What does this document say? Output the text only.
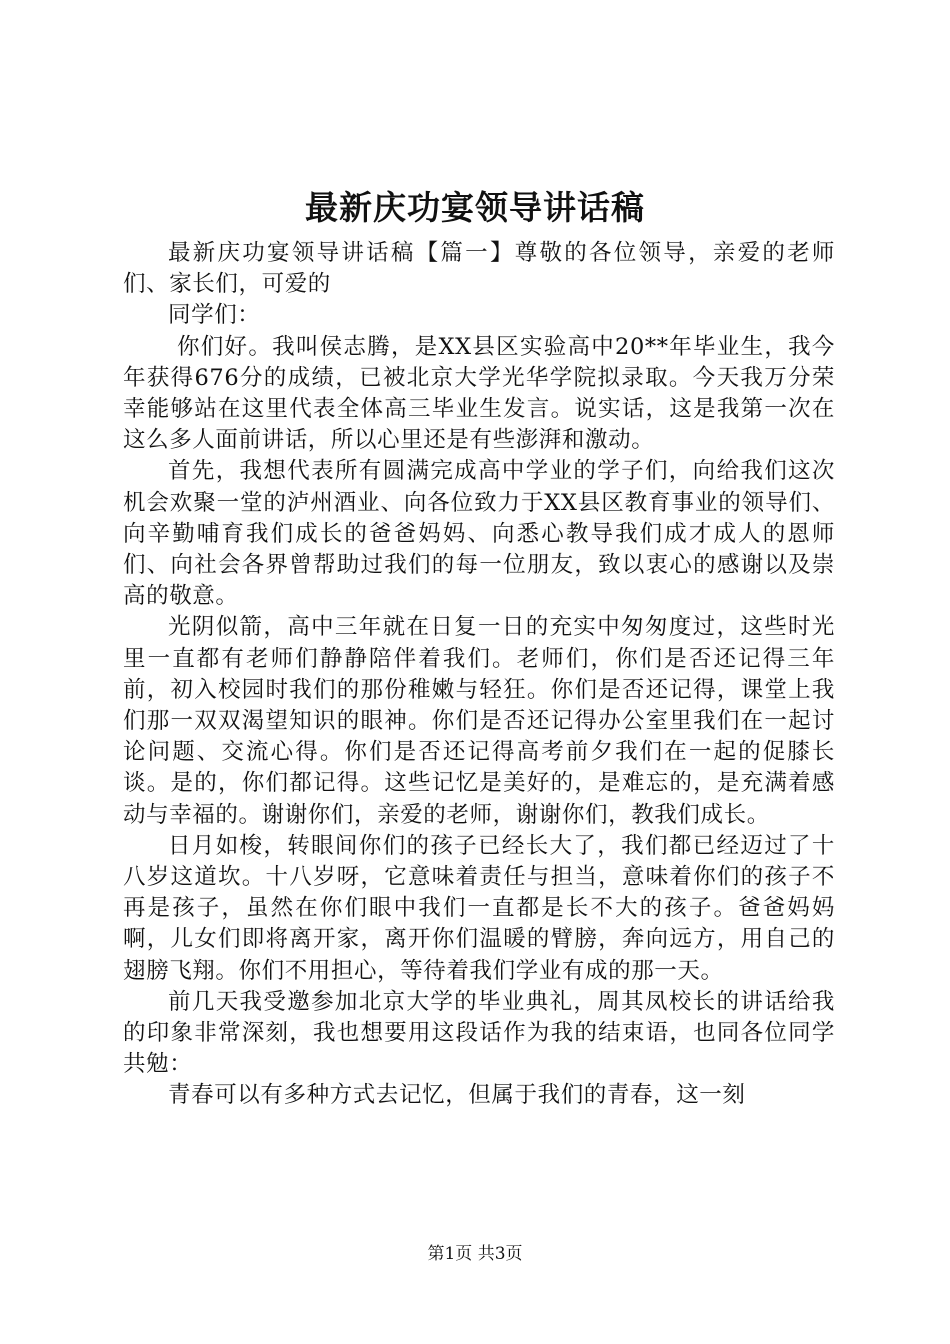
最新庆功宴领导讲话稿

最新庆功宴领导讲话稿【篇一】尊敬的各位领导，亲爱的老师们、家长们，可爱的

同学们：

你们好。我叫侯志腾，是XX县区实验高中20**年毕业生，我今年获得676分的成绩，已被北京大学光华学院拟录取。今天我万分荣幸能够站在这里代表全体高三毕业生发言。说实话，这是我第一次在这么多人面前讲话，所以心里还是有些澎湃和激动。

首先，我想代表所有圆满完成高中学业的学子们，向给我们这次机会欢聚一堂的泸州酒业、向各位致力于XX县区教育事业的领导们、向辛勤哺育我们成长的爸爸妈妈、向悉心教导我们成才成人的恩师们、向社会各界曾帮助过我们的每一位朋友，致以衷心的感谢以及崇高的敬意。

光阴似箭，高中三年就在日复一日的充实中匆匆度过，这些时光里一直都有老师们静静陪伴着我们。老师们，你们是否还记得三年前，初入校园时我们的那份稚嫩与轻狂。你们是否还记得，课堂上我们那一双双渴望知识的眼神。你们是否还记得办公室里我们在一起讨论问题、交流心得。你们是否还记得高考前夕我们在一起的促膝长谈。是的，你们都记得。这些记忆是美好的，是难忘的，是充满着感动与幸福的。谢谢你们，亲爱的老师，谢谢你们，教我们成长。

日月如梭，转眼间你们的孩子已经长大了，我们都已经迈过了十八岁这道坎。十八岁呀，它意味着责任与担当，意味着你们的孩子不再是孩子，虽然在你们眼中我们一直都是长不大的孩子。爸爸妈妈啊，儿女们即将离开家，离开你们温暖的臂膀，奔向远方，用自己的翅膀飞翔。你们不用担心，等待着我们学业有成的那一天。

前几天我受邀参加北京大学的毕业典礼，周其凤校长的讲话给我的印象非常深刻，我也想要用这段话作为我的结束语，也同各位同学共勉：

青春可以有多种方式去记忆，但属于我们的青春，这一刻

第1页 共3页
